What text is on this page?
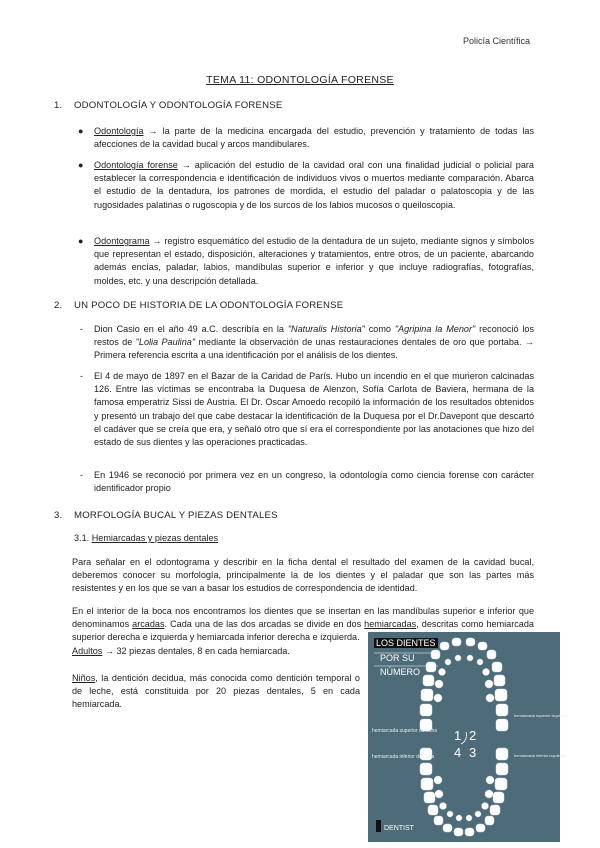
Policía Científica
TEMA 11: ODONTOLOGÍA FORENSE
1. ODONTOLOGÍA Y ODONTOLOGÍA FORENSE
● Odontología → la parte de la medicina encargada del estudio, prevención y tratamiento de todas las afecciones de la cavidad bucal y arcos mandibulares.
● Odontología forense → aplicación del estudio de la cavidad oral con una finalidad judicial o policial para establecer la correspondencia e identificación de individuos vivos o muertos mediante comparación. Abarca el estudio de la dentadura, los patrones de mordida, el estudio del paladar o palatoscopia y de las rugosidades palatinas o rugoscopia y de los surcos de los labios mucosos o queiloscopia.
● Odontograma → registro esquemático del estudio de la dentadura de un sujeto, mediante signos y símbolos que representan el estado, disposición, alteraciones y tratamientos, entre otros, de un paciente, abarcando además encías, paladar, labios, mandíbulas superior e inferior y que incluye radiografías, fotografías, moldes, etc. y una descripción detallada.
2. UN POCO DE HISTORIA DE LA ODONTOLOGÍA FORENSE
- Dion Casio en el año 49 a.C. describía en la "Naturalis Historia" como "Agripina la Menor" reconoció los restos de "Lolia Paulina" mediante la observación de unas restauraciones dentales de oro que portaba. → Primera referencia escrita a una identificación por el análisis de los dientes.
- El 4 de mayo de 1897 en el Bazar de la Caridad de París. Hubo un incendio en el que murieron calcinadas 126. Entre las víctimas se encontraba la Duquesa de Alenzon, Sofía Carlota de Baviera, hermana de la famosa emperatriz Sissi de Austria. El Dr. Oscar Amoedo recopiló la información de los resultados obtenidos y presentó un trabajo del que cabe destacar la identificación de la Duquesa por el Dr.Davepont que descartó el cadáver que se creía que era, y señaló otro que sí era el correspondiente por las anotaciones que hizo del estado de sus dientes y las operaciones practicadas.
- En 1946 se reconoció por primera vez en un congreso, la odontología como ciencia forense con carácter identificador propio
3. MORFOLOGÍA BUCAL Y PIEZAS DENTALES
3.1. Hemiarcadas y piezas dentales
Para señalar en el odontograma y describir en la ficha dental el resultado del examen de la cavidad bucal, deberemos conocer su morfología, principalmente la de los dientes y el paladar que son las partes más resistentes y en los que se van a basar los estudios de correspondencia de identidad.
En el interior de la boca nos encontramos los dientes que se insertan en las mandíbulas superior e inferior que denominamos arcadas. Cada una de las dos arcadas se divide en dos hemiarcadas, descritas como hemiarcada superior derecha e izquierda y hemiarcada inferior derecha e izquierda.
Adultos → 32 piezas dentales, 8 en cada hemiarcada.
Niños, la dentición decidua, más conocida como dentición temporal o de leche, está constituida por 20 piezas dentales, 5 en cada hemiarcada.
LOS DIENTES
POR SU
NÚMERO
1 2
4 3
hemiarcada superior derecha
hemiarcada inferior derecha
hemiarcada superior izquierda
hemiarcada inferior izquierda
DENTIST
